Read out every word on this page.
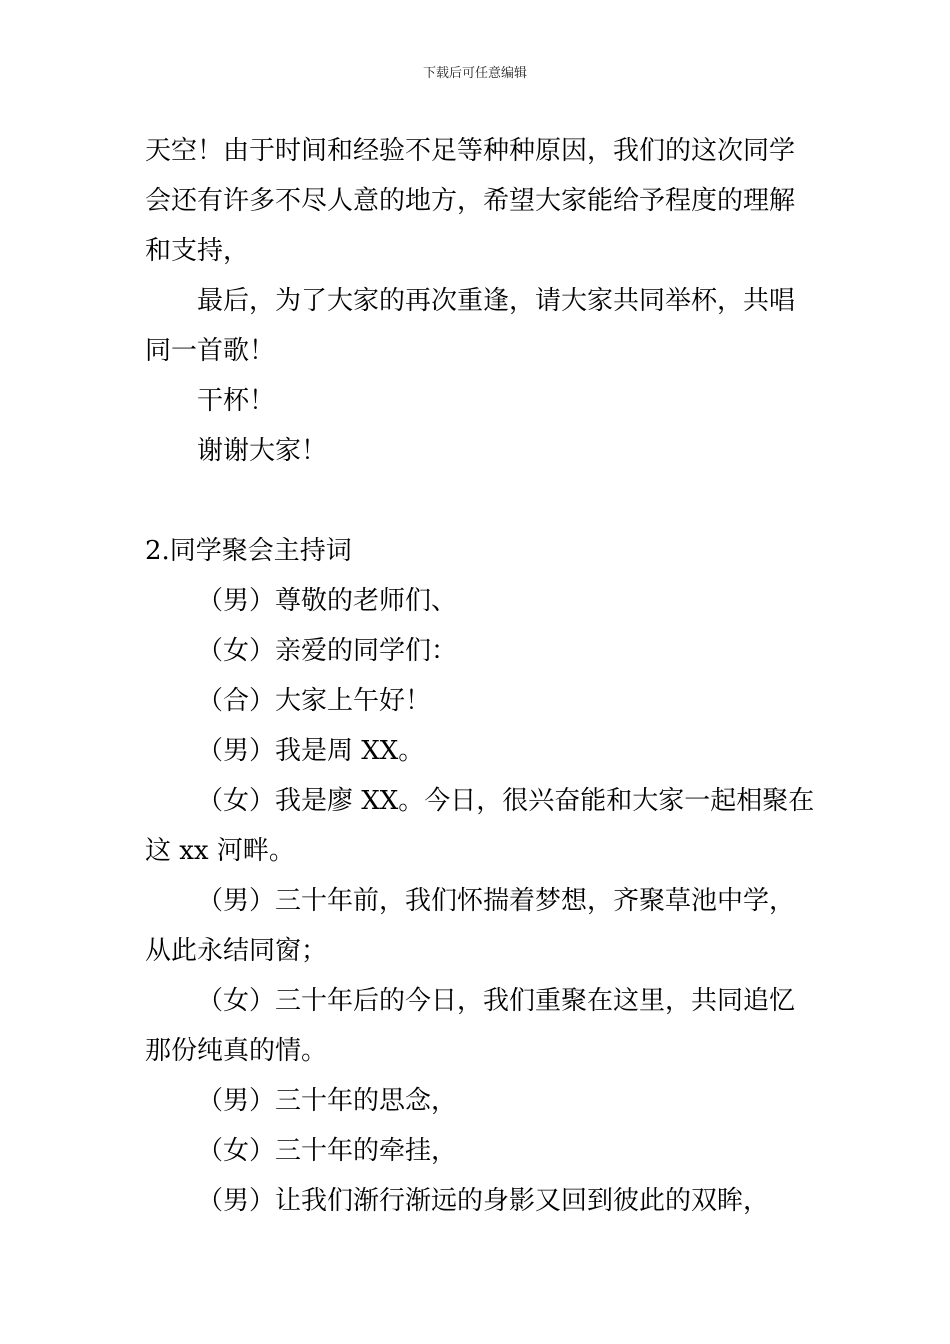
下载后可任意编辑

天空！由于时间和经验不足等种种原因，我们的这次同学

会还有许多不尽人意的地方，希望大家能给予程度的理解

和支持，

最后，为了大家的再次重逢，请大家共同举杯，共唱

同一首歌！

干杯！

谢谢大家！

2.同学聚会主持词

（男）尊敬的老师们、

（女）亲爱的同学们：

（合）大家上午好！

（男）我是周 XX。

（女）我是廖 XX。今日，很兴奋能和大家一起相聚在

这 xx 河畔。

（男）三十年前，我们怀揣着梦想，齐聚草池中学，

从此永结同窗；

（女）三十年后的今日，我们重聚在这里，共同追忆

那份纯真的情。

（男）三十年的思念，

（女）三十年的牵挂，

（男）让我们渐行渐远的身影又回到彼此的双眸，
